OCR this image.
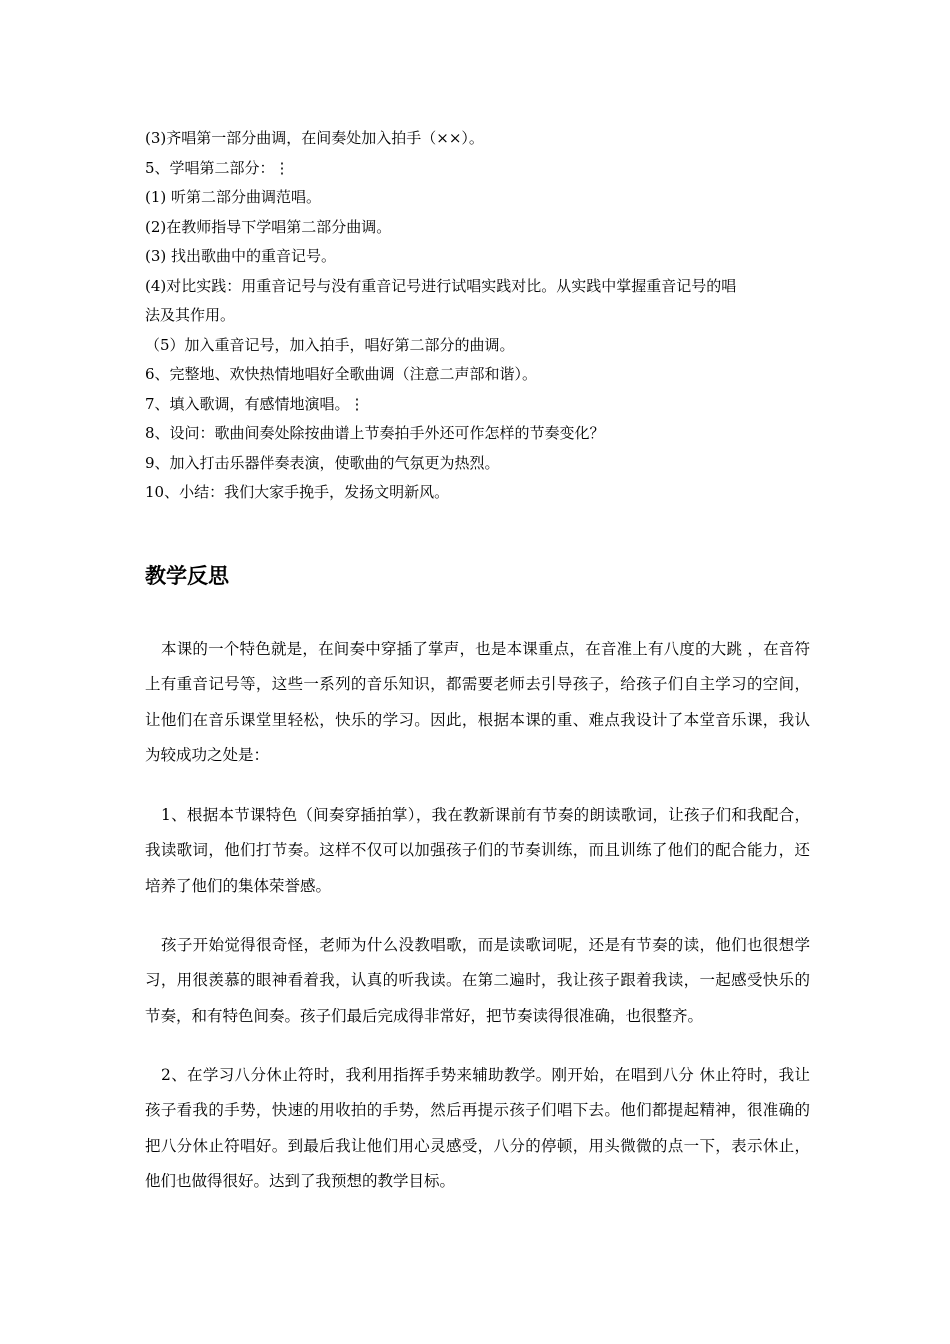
(3)齐唱第一部分曲调，在间奏处加入拍手（××）。
5、学唱第二部分：⋮
(1) 听第二部分曲调范唱。
(2)在教师指导下学唱第二部分曲调。
(3) 找出歌曲中的重音记号。
(4)对比实践：用重音记号与没有重音记号进行试唱实践对比。从实践中掌握重音记号的唱
法及其作用。
（5）加入重音记号，加入拍手，唱好第二部分的曲调。
6、完整地、欢快热情地唱好全歌曲调（注意二声部和谐）。
7、填入歌调，有感情地演唱。⋮
8、设问：歌曲间奏处除按曲谱上节奏拍手外还可作怎样的节奏变化？
9、加入打击乐器伴奏表演，使歌曲的气氛更为热烈。
10、小结：我们大家手挽手，发扬文明新风。
教学反思

本课的一个特色就是，在间奏中穿插了掌声，也是本课重点，在音准上有八度的大跳 ，在音符上有重音记号等，这些一系列的音乐知识，都需要老师去引导孩子，给孩子们自主学习的空间，让他们在音乐课堂里轻松，快乐的学习。因此，根据本课的重、难点我设计了本堂音乐课，我认为较成功之处是：

1、根据本节课特色（间奏穿插拍掌），我在教新课前有节奏的朗读歌词，让孩子们和我配合，我读歌词，他们打节奏。这样不仅可以加强孩子们的节奏训练，而且训练了他们的配合能力，还培养了他们的集体荣誉感。

孩子开始觉得很奇怪，老师为什么没教唱歌，而是读歌词呢，还是有节奏的读，他们也很想学习，用很羡慕的眼神看着我，认真的听我读。在第二遍时，我让孩子跟着我读，一起感受快乐的节奏，和有特色间奏。孩子们最后完成得非常好，把节奏读得很准确，也很整齐。

2、在学习八分休止符时，我利用指挥手势来辅助教学。刚开始，在唱到八分 休止符时，我让孩子看我的手势，快速的用收拍的手势，然后再提示孩子们唱下去。他们都提起精神，很准确的把八分休止符唱好。到最后我让他们用心灵感受，八分的停顿，用头微微的点一下，表示休止，他们也做得很好。达到了我预想的教学目标。
